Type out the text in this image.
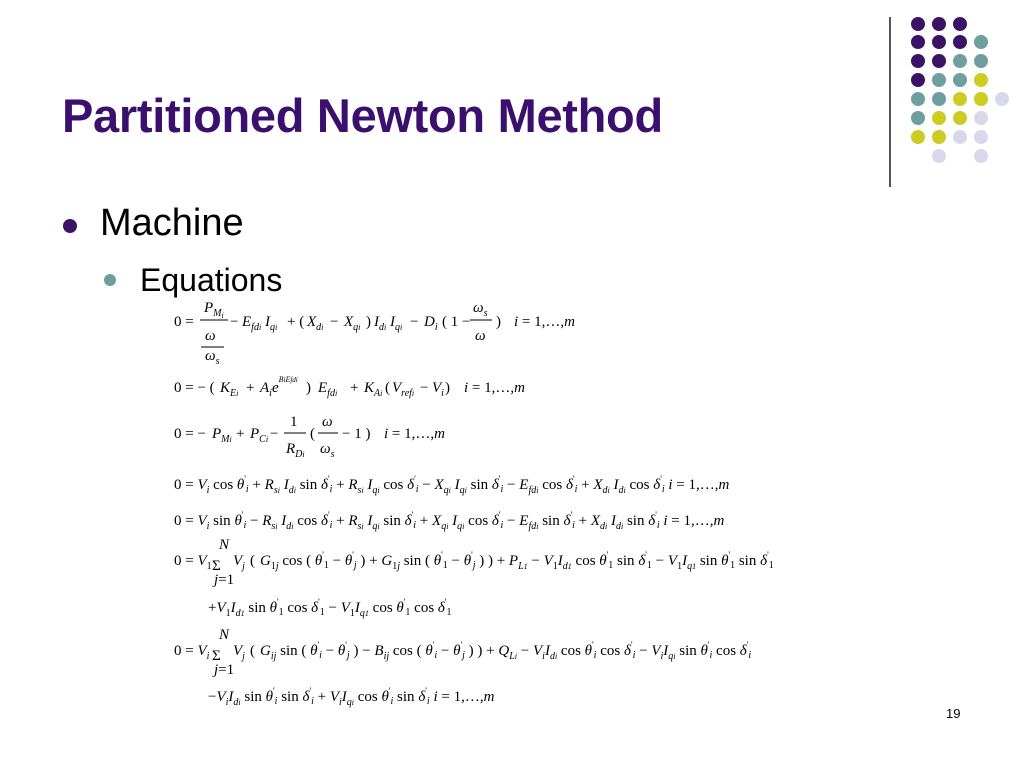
Partitioned Newton Method
Machine
Equations
0 =
$P_{M_i}$
ω
− $E_{fdi}$ $I_{qi}$ + ( $X_{di} - X_{qi}$ ) $I_{di}$ $I_{qi} - D_i$ ( 1 −
$\omega_s$
ω
) i = 1,…,m
$\omega_s$
0 = − ( $K_{Ei} + A_ie^{BiEfdi}$ ) $E_{fdi} + K_{Ai}$ ( $V_{refi} - V_i$ ) i = 1,…,m
0 = − $P_{Mi} + P_{Ci}$ −
1
$R_{Di}$
(
ω
$\omega_s$
− 1 ) i = 1,…,m
$0 = V_i$ $\cos \theta'_i + R_{si}$ $I_{di}$ $\sin \delta'_i + R_{si}$ $I_{qi}$ $\cos \delta'_i - X_{qi}$ $I_{qi}$ $\sin \delta'_i - E_{fdi}$ $\cos \delta'_i + X_{di}$ $I_{di}$ $\cos \delta'_i$ i = 1,…,m
$0 = V_i$ $\sin \theta'_i - R_{si}$ $I_{di}$ $\cos \delta'_i + R_{si}$ $I_{qi}$ $\sin \delta'_i + X_{qi}$ $I_{qi}$ $\cos \delta'_i - E_{fdi}$ $\sin \delta'_i + X_{di}$ $I_{di}$ $\sin \delta'_i$ i = 1,…,m
$0 = V_1$
N
Σ
j=1
$V_j$ ( $G_{1j}$ cos ( $\theta'_1 - \theta'_j$ ) + $G_{1j}$ sin ( $\theta'_1 - \theta'_j$ ) ) + $P_{L1} - V_1I_{d1}$ $\cos \theta'_1$ $\sin \delta'_1 - V_1I_{q1}$ $\sin \theta'_1$ $\sin \delta'_1$
$+V_1I_{d1}$ $\sin \theta'_1$ $\cos \delta'_1 - V_1I_{q1}$ $\cos \theta'_1$ $\cos \delta'_1$
$0 = V_i$
N
Σ
j=1
$V_j$ ( $G_{ij}$ sin ( $\theta'_i - \theta'_j$ ) − $B_{ij}$ cos ( $\theta'_i - \theta'_j$ ) ) + $Q_{Li} - V_iI_{di}$ $\cos \theta'_i$ $\cos \delta'_i - V_iI_{qi}$ $\sin \theta'_i$ $\cos \delta'_i$
$-V_iI_{di}$ $\sin \theta'_i$ $\sin \delta'_i + V_iI_{qi}$ $\cos \theta'_i$ $\sin \delta'_i$ i = 1,…,m
19
